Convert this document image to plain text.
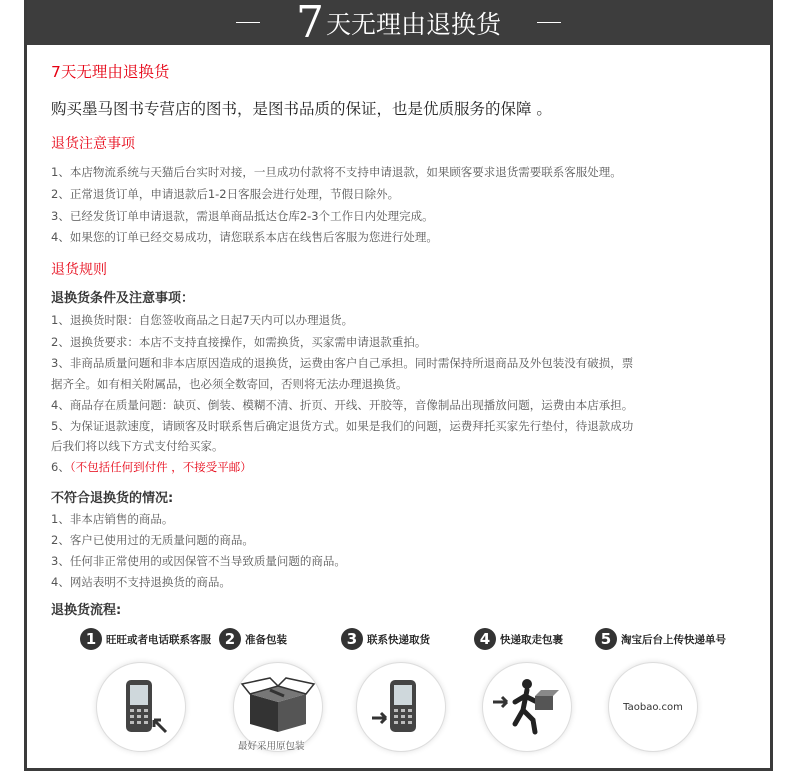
7 天无理由退换货
7天无理由退换货
购买墨马图书专营店的图书，是图书品质的保证，也是优质服务的保障 。
退货注意事项
1、本店物流系统与天猫后台实时对接，一旦成功付款将不支持申请退款，如果顾客要求退货需要联系客服处理。
2、正常退货订单，申请退款后1-2日客服会进行处理，节假日除外。
3、已经发货订单申请退款，需退单商品抵达仓库2-3个工作日内处理完成。
4、如果您的订单已经交易成功，请您联系本店在线售后客服为您进行处理。
退货规则
退换货条件及注意事项：
1、退换货时限：自您签收商品之日起7天内可以办理退货。
2、退换货要求：本店不支持直接操作，如需换货，买家需申请退款重拍。
3、非商品质量问题和非本店原因造成的退换货，运费由客户自己承担。同时需保持所退商品及外包装没有破损，票
据齐全。如有相关附属品，也必须全数寄回，否则将无法办理退换货。
4、商品存在质量问题：缺页、倒装、模糊不清、折页、开线、开胶等，音像制品出现播放问题，运费由本店承担。
5、为保证退款速度，请顾客及时联系售后确定退货方式。如果是我们的问题，运费拜托买家先行垫付，待退款成功
后我们将以线下方式支付给买家。
6、（不包括任何到付件 ，不接受平邮）
不符合退换货的情况:
1、非本店销售的商品。
2、客户已使用过的无质量问题的商品。
3、任何非正常使用的或因保管不当导致质量问题的商品。
4、网站表明不支持退换货的商品。
退换货流程:
1 旺旺或者电话联系客服 2 准备包装
最好采用原包装
3 联系快递取货	4 快递取走包裹	5 淘宝后台上传快递单号
Taobao.com
